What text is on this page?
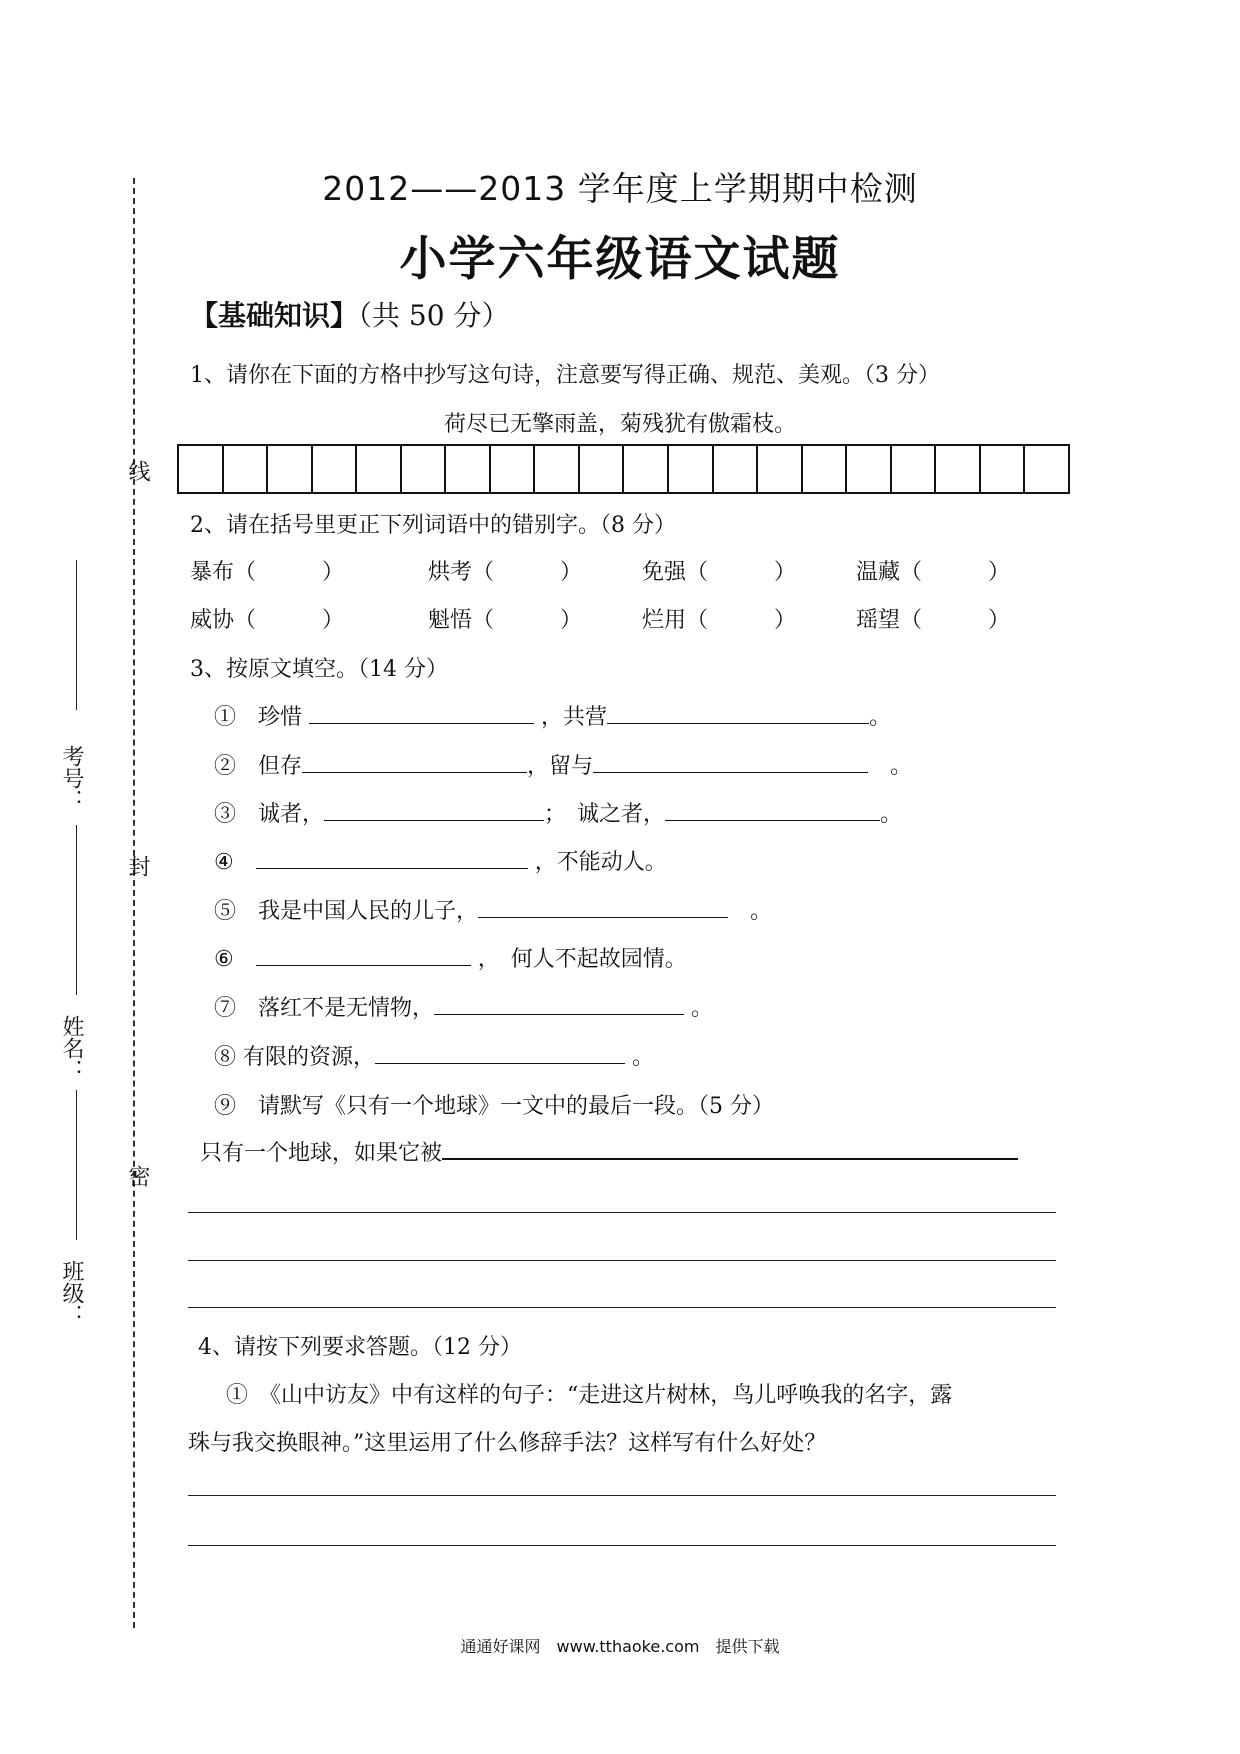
线
封
密
考号：
姓名：
班级：
2012——2013 学年度上学期期中检测
小学六年级语文试题
【基础知识】（共 50 分）
1、请你在下面的方格中抄写这句诗，注意要写得正确、规范、美观。（3 分）
荷尽已无擎雨盖，菊残犹有傲霜枝。
2、请在括号里更正下列词语中的错别字。（8 分）
暴布（　　　）	烘考（　　　）	免强（　　　）	温藏（　　　）
威协（　　　）	魁悟（　　　）	烂用（　　　）	瑶望（　　　）
3、按原文填空。（14 分）
①　 珍惜	，共营	。
②　 但存	，留与　	。
③　 诚者，	；　诚之者，	。
④　	，不能动人。
⑤　 我是中国人民的儿子，　	。
⑥　	，　何人不起故园情。
⑦　 落红不是无情物，	。
⑧ 有限的资源，	。
⑨　请默写《只有一个地球》一文中的最后一段。（5 分）
只有一个地球，如果它被
4、请按下列要求答题。（12 分）
①　《山中访友》中有这样的句子：“走进这片树林，鸟儿呼唤我的名字，露
珠与我交换眼神。”这里运用了什么修辞手法？这样写有什么好处？
通通好课网　www.tthaoke.com　提供下载
